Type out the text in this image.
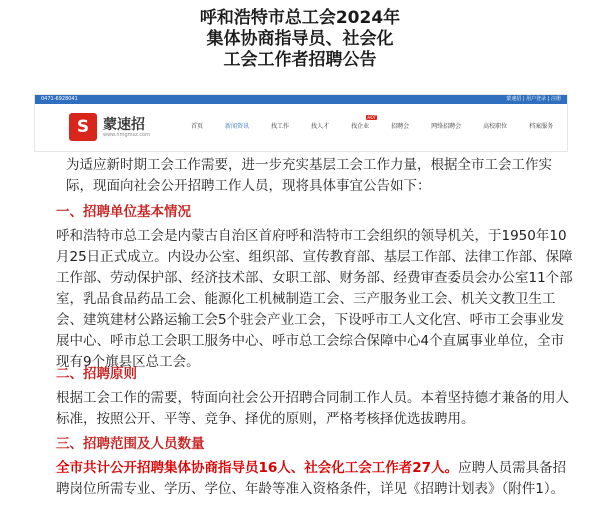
呼和浩特市总工会2024年
集体协商指导员、社会化
工会工作者招聘公告
0471-6928041	蒙速招 | 用户登录 | 注册
S 蒙速招
www.nmgmsz.com
首页	新闻资讯	找工作	找人才	找企业
HOT
招聘会	网络招聘会	高校职位	档案服务

为适应新时期工会工作需要，进一步充实基层工会工作力量，根据全市工会工作实际，现面向社会公开招聘工作人员，现将具体事宜公告如下：

一、招聘单位基本情况

呼和浩特市总工会是内蒙古自治区首府呼和浩特市工会组织的领导机关，于1950年10月25日正式成立。内设办公室、组织部、宣传教育部、基层工作部、法律工作部、保障工作部、劳动保护部、经济技术部、女职工部、财务部、经费审查委员会办公室11个部室，乳品食品药品工会、能源化工机械制造工会、三产服务业工会、机关文教卫生工会、建筑建材公路运输工会5个驻会产业工会，下设呼市工人文化宫、呼市工会事业发展中心、呼市总工会职工服务中心、呼市总工会综合保障中心4个直属事业单位，全市现有9个旗县区总工会。

二、招聘原则

根据工会工作的需要，特面向社会公开招聘合同制工作人员。本着坚持德才兼备的用人标准，按照公开、平等、竞争、择优的原则，严格考核择优选拔聘用。

三、招聘范围及人员数量

全市共计公开招聘集体协商指导员16人、社会化工会工作者27人。应聘人员需具备招聘岗位所需专业、学历、学位、年龄等准入资格条件，详见《招聘计划表》（附件1）。
